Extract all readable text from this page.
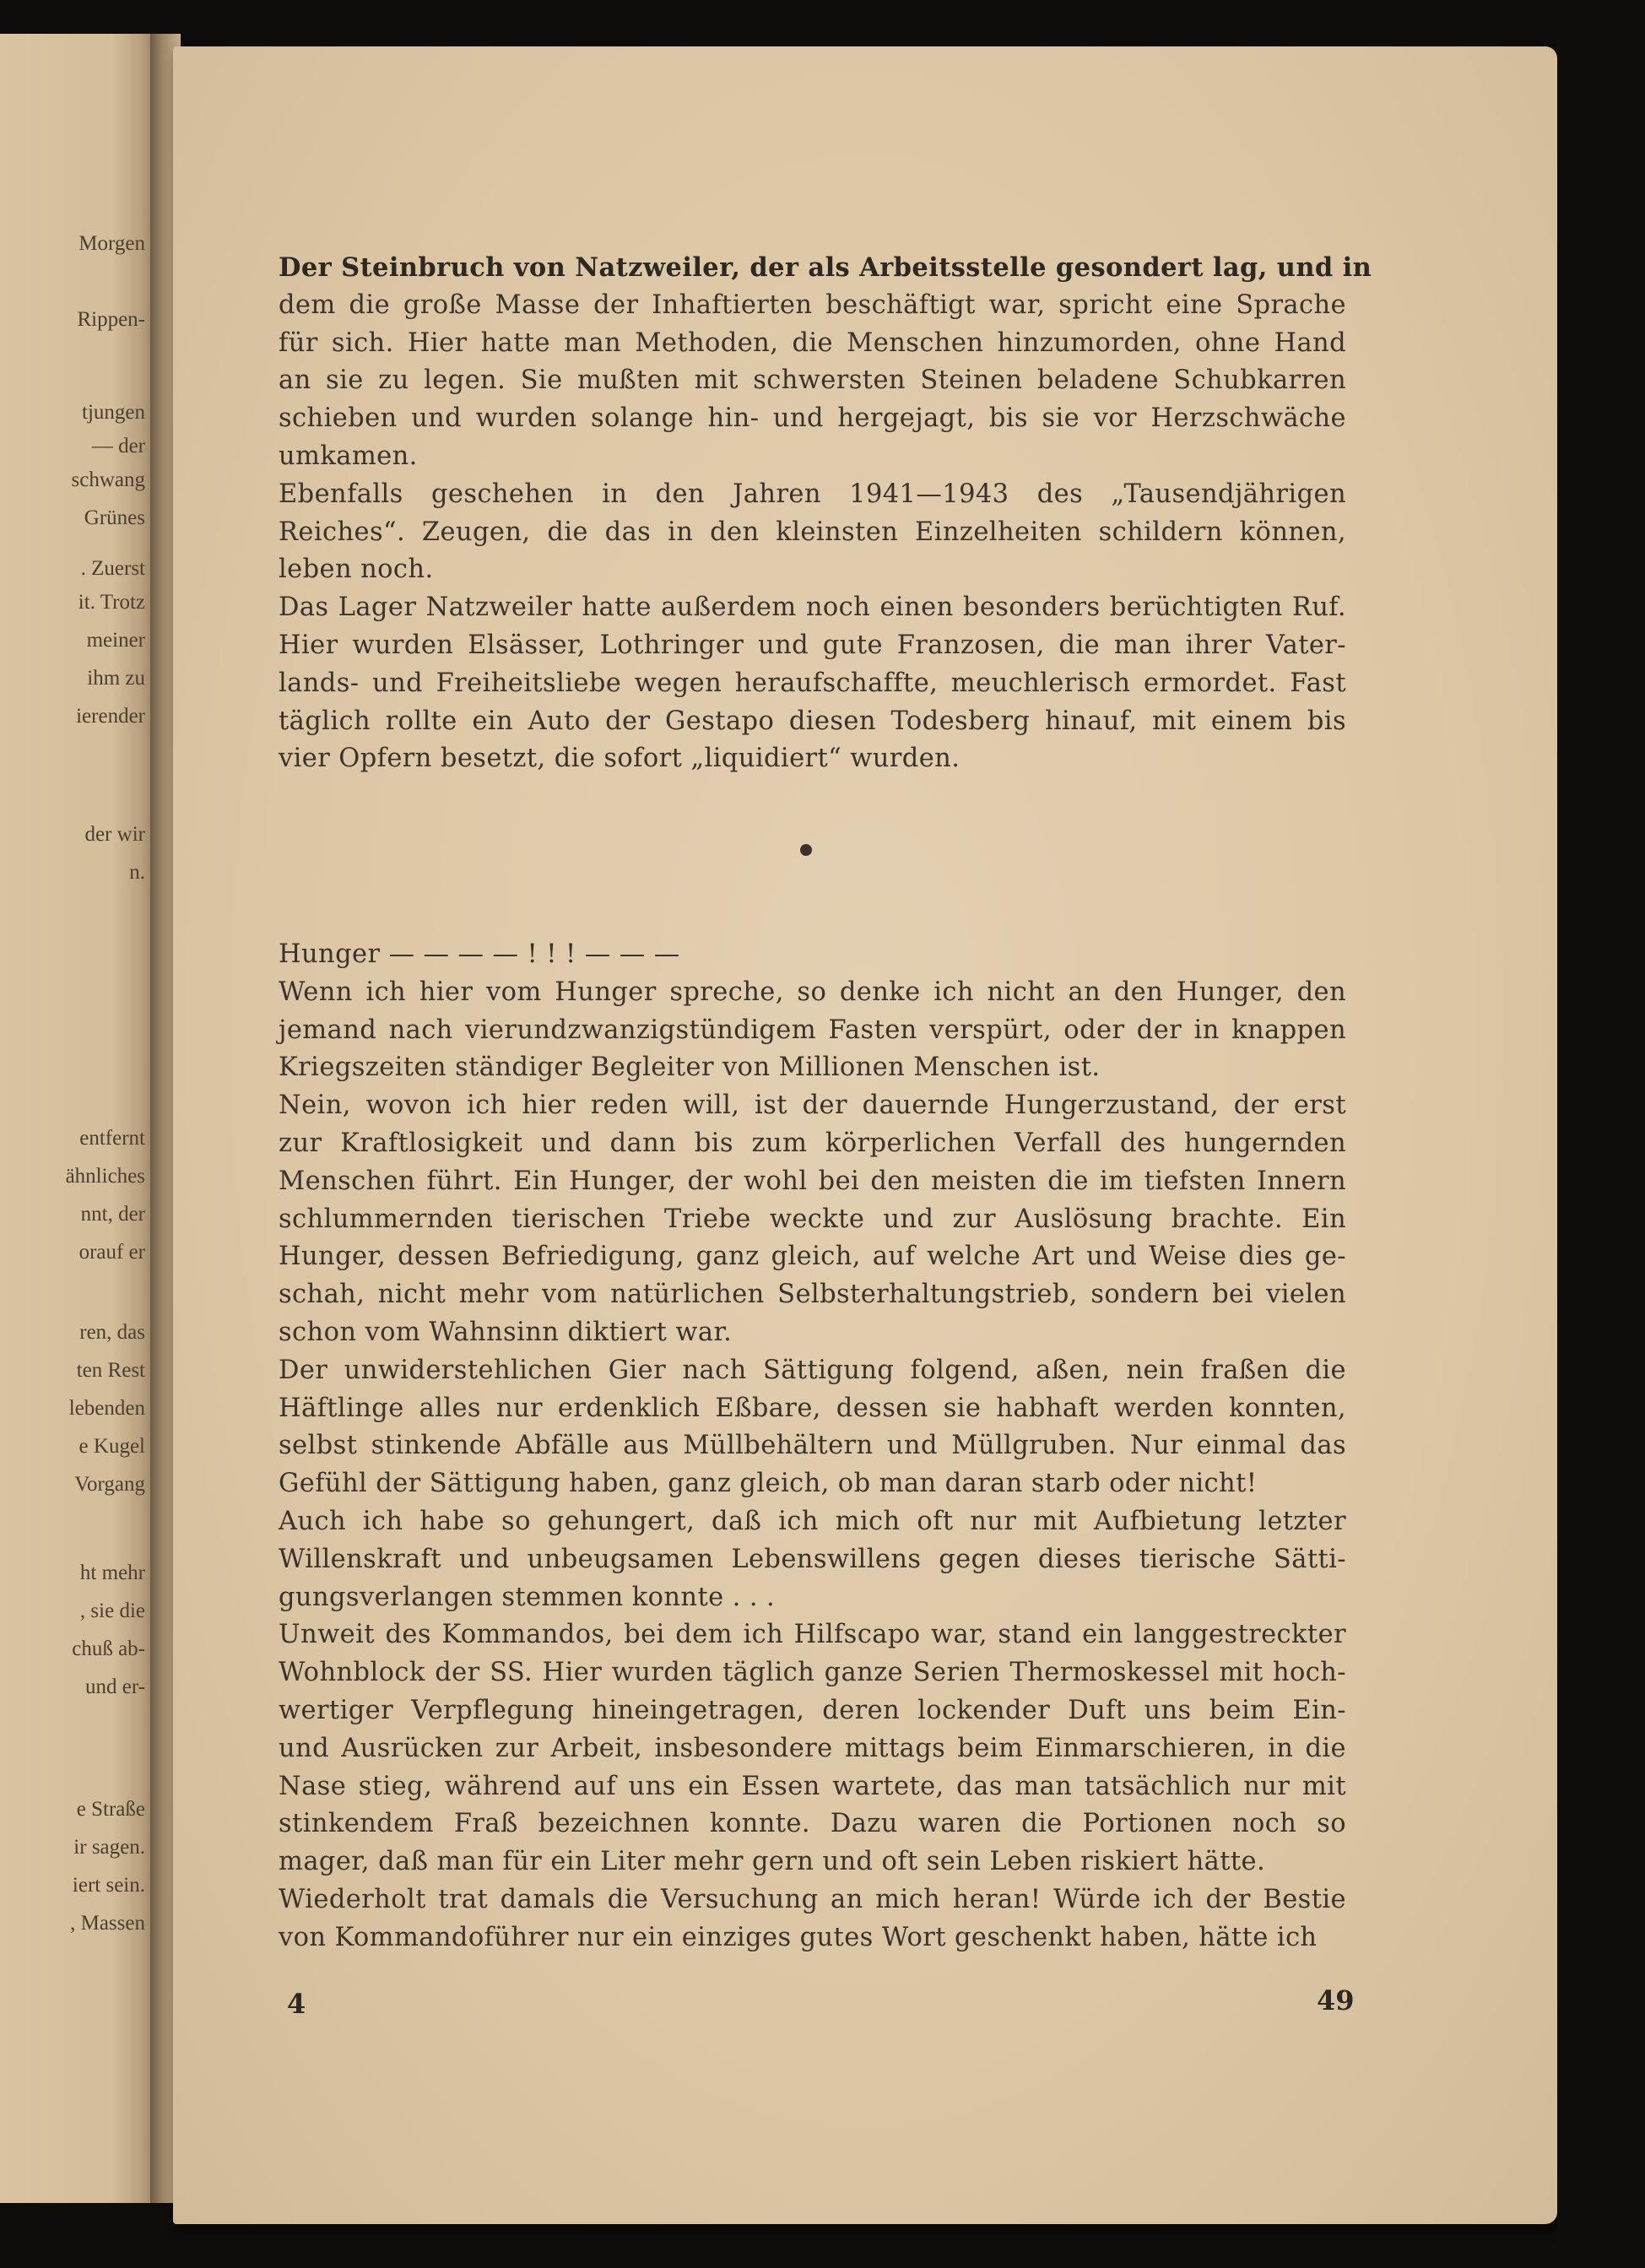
Morgen
Rippen-
tjungen
— der
schwang
Grünes
. Zuerst
it. Trotz
meiner
ihm zu
ierender
der wir
n.
entfernt
ähnliches
nnt, der
orauf er
ren, das
ten Rest
lebenden
e Kugel
Vorgang
ht mehr
, sie die
chuß ab-
und er-
e Straße
ir sagen.
iert sein.
, Massen
Der Steinbruch von Natzweiler, der als Arbeitsstelle gesondert lag, und in
dem die große Masse der Inhaftierten beschäftigt war, spricht eine Sprache
für sich. Hier hatte man Methoden, die Menschen hinzumorden, ohne Hand
an sie zu legen. Sie mußten mit schwersten Steinen beladene Schubkarren
schieben und wurden solange hin- und hergejagt, bis sie vor Herzschwäche
umkamen.
Ebenfalls geschehen in den Jahren 1941—1943 des „Tausendjährigen
Reiches“. Zeugen, die das in den kleinsten Einzelheiten schildern können,
leben noch.
Das Lager Natzweiler hatte außerdem noch einen besonders berüchtigten Ruf.
Hier wurden Elsässer, Lothringer und gute Franzosen, die man ihrer Vater-
lands- und Freiheitsliebe wegen heraufschaffte, meuchlerisch ermordet. Fast
täglich rollte ein Auto der Gestapo diesen Todesberg hinauf, mit einem bis
vier Opfern besetzt, die sofort „liquidiert“ wurden.
Hunger — — — — ! ! ! — — —
Wenn ich hier vom Hunger spreche, so denke ich nicht an den Hunger, den
jemand nach vierundzwanzigstündigem Fasten verspürt, oder der in knappen
Kriegszeiten ständiger Begleiter von Millionen Menschen ist.
Nein, wovon ich hier reden will, ist der dauernde Hungerzustand, der erst
zur Kraftlosigkeit und dann bis zum körperlichen Verfall des hungernden
Menschen führt. Ein Hunger, der wohl bei den meisten die im tiefsten Innern
schlummernden tierischen Triebe weckte und zur Auslösung brachte. Ein
Hunger, dessen Befriedigung, ganz gleich, auf welche Art und Weise dies ge-
schah, nicht mehr vom natürlichen Selbsterhaltungstrieb, sondern bei vielen
schon vom Wahnsinn diktiert war.
Der unwiderstehlichen Gier nach Sättigung folgend, aßen, nein fraßen die
Häftlinge alles nur erdenklich Eßbare, dessen sie habhaft werden konnten,
selbst stinkende Abfälle aus Müllbehältern und Müllgruben. Nur einmal das
Gefühl der Sättigung haben, ganz gleich, ob man daran starb oder nicht!
Auch ich habe so gehungert, daß ich mich oft nur mit Aufbietung letzter
Willenskraft und unbeugsamen Lebenswillens gegen dieses tierische Sätti-
gungsverlangen stemmen konnte . . .
Unweit des Kommandos, bei dem ich Hilfscapo war, stand ein langgestreckter
Wohnblock der SS. Hier wurden täglich ganze Serien Thermoskessel mit hoch-
wertiger Verpflegung hineingetragen, deren lockender Duft uns beim Ein-
und Ausrücken zur Arbeit, insbesondere mittags beim Einmarschieren, in die
Nase stieg, während auf uns ein Essen wartete, das man tatsächlich nur mit
stinkendem Fraß bezeichnen konnte. Dazu waren die Portionen noch so
mager, daß man für ein Liter mehr gern und oft sein Leben riskiert hätte.
Wiederholt trat damals die Versuchung an mich heran! Würde ich der Bestie
von Kommandoführer nur ein einziges gutes Wort geschenkt haben, hätte ich
4	49
